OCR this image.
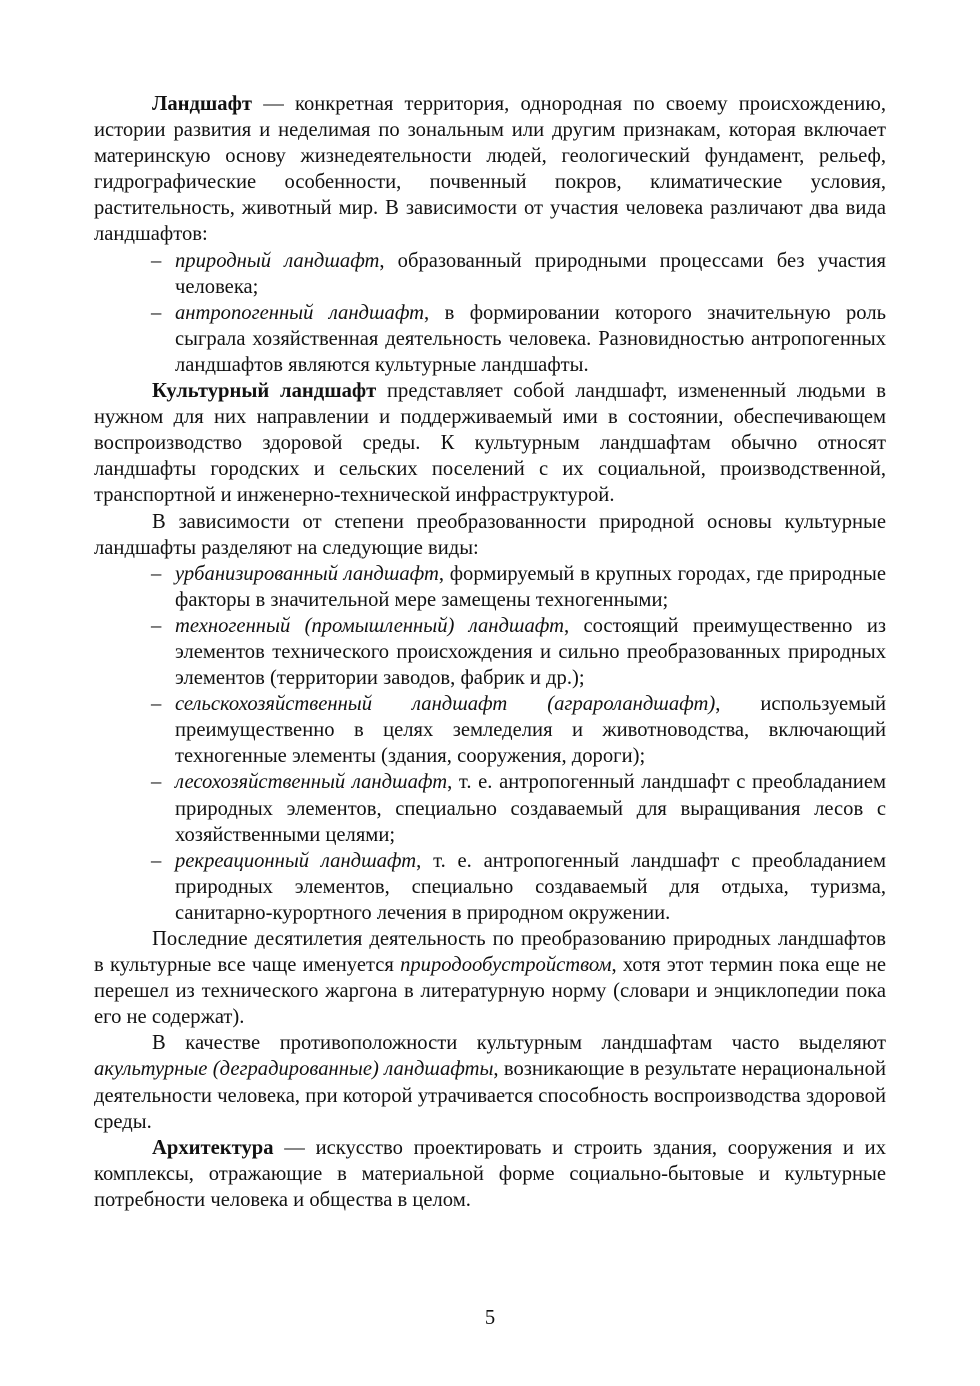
Ландшафт — конкретная территория, однородная по своему происхождению, истории развития и неделимая по зональным или другим признакам, которая включает материнскую основу жизнедеятельности людей, геологический фундамент, рельеф, гидрографические особенности, почвенный покров, климатические условия, растительность, животный мир. В зависимости от участия человека различают два вида ландшафтов:

– природный ландшафт, образованный природными процессами без участия человека;
– антропогенный ландшафт, в формировании которого значительную роль сыграла хозяйственная деятельность человека. Разновидностью антропогенных ландшафтов являются культурные ландшафты.

Культурный ландшафт представляет собой ландшафт, измененный людьми в нужном для них направлении и поддерживаемый ими в состоянии, обеспечивающем воспроизводство здоровой среды. К культурным ландшафтам обычно относят ландшафты городских и сельских поселений с их социальной, производственной, транспортной и инженерно-технической инфраструктурой.

В зависимости от степени преобразованности природной основы культурные ландшафты разделяют на следующие виды:

– урбанизированный ландшафт, формируемый в крупных городах, где природные факторы в значительной мере замещены техногенными;
– техногенный (промышленный) ландшафт, состоящий преимущественно из элементов технического происхождения и сильно преобразованных природных элементов (территории заводов, фабрик и др.);
– сельскохозяйственный ландшафт (аграроландшафт), используемый преимущественно в целях земледелия и животноводства, включающий техногенные элементы (здания, сооружения, дороги);
– лесохозяйственный ландшафт, т. е. антропогенный ландшафт с преобладанием природных элементов, специально создаваемый для выращивания лесов с хозяйственными целями;
– рекреационный ландшафт, т. е. антропогенный ландшафт с преобладанием природных элементов, специально создаваемый для отдыха, туризма, санитарно-курортного лечения в природном окружении.

Последние десятилетия деятельность по преобразованию природных ландшафтов в культурные все чаще именуется природообустройством, хотя этот термин пока еще не перешел из технического жаргона в литературную норму (словари и энциклопедии пока его не содержат).

В качестве противоположности культурным ландшафтам часто выделяют акультурные (деградированные) ландшафты, возникающие в результате нерациональной деятельности человека, при которой утрачивается способность воспроизводства здоровой среды.

Архитектура — искусство проектировать и строить здания, сооружения и их комплексы, отражающие в материальной форме социально-бытовые и культурные потребности человека и общества в целом.

5
